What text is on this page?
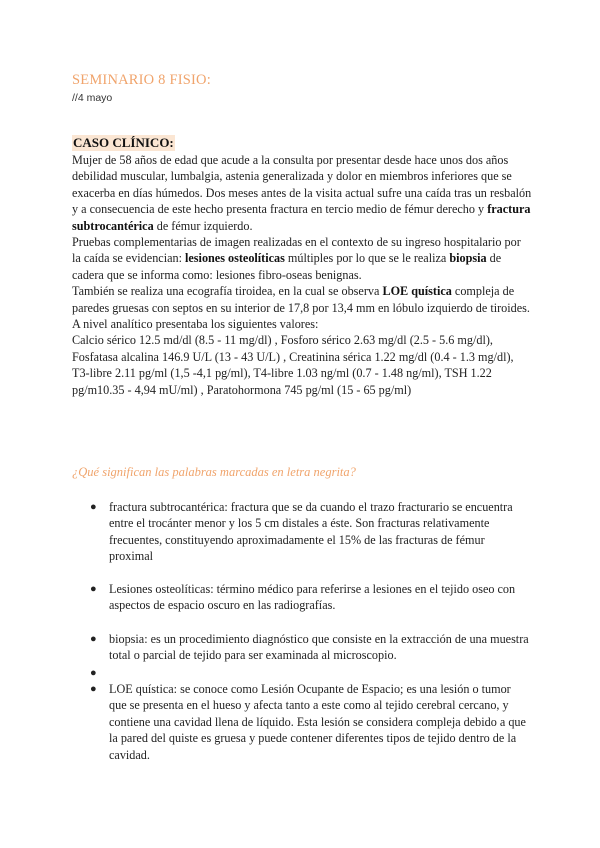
SEMINARIO 8 FISIO:
//4 mayo
CASO CLÍNICO:

Mujer de 58 años de edad que acude a la consulta por presentar desde hace unos dos años debilidad muscular, lumbalgia, astenia generalizada y dolor en miembros inferiores que se exacerba en días húmedos. Dos meses antes de la visita actual sufre una caída tras un resbalón y a consecuencia de este hecho presenta fractura en tercio medio de fémur derecho y fractura subtrocantérica de fémur izquierdo.

Pruebas complementarias de imagen realizadas en el contexto de su ingreso hospitalario por la caída se evidencian: lesiones osteolíticas múltiples por lo que se le realiza biopsia de cadera que se informa como: lesiones fibro-oseas benignas.

También se realiza una ecografía tiroidea, en la cual se observa LOE quística compleja de paredes gruesas con septos en su interior de 17,8 por 13,4 mm en lóbulo izquierdo de tiroides.

A nivel analítico presentaba los siguientes valores:

Calcio sérico 12.5 md/dl (8.5 - 11 mg/dl) , Fosforo sérico 2.63 mg/dl (2.5 - 5.6 mg/dl), Fosfatasa alcalina 146.9 U/L (13 - 43 U/L) , Creatinina sérica 1.22 mg/dl (0.4 - 1.3 mg/dl), T3-libre 2.11 pg/ml (1,5 -4,1 pg/ml), T4-libre 1.03 ng/ml (0.7 - 1.48 ng/ml), TSH 1.22 pg/m10.35 - 4,94 mU/ml) , Paratohormona 745 pg/ml (15 - 65 pg/ml)

¿Qué significan las palabras marcadas en letra negrita?
● fractura subtrocantérica: fractura que se da cuando el trazo fracturario se encuentra entre el trocánter menor y los 5 cm distales a éste. Son fracturas relativamente frecuentes, constituyendo aproximadamente el 15% de las fracturas de fémur proximal
● Lesiones osteolíticas: término médico para referirse a lesiones en el tejido oseo con aspectos de espacio oscuro en las radiografías.
● biopsia: es un procedimiento diagnóstico que consiste en la extracción de una muestra total o parcial de tejido para ser examinada al microscopio.
●
● LOE quística: se conoce como Lesión Ocupante de Espacio; es una lesión o tumor que se presenta en el hueso y afecta tanto a este como al tejido cerebral cercano, y contiene una cavidad llena de líquido. Esta lesión se considera compleja debido a que la pared del quiste es gruesa y puede contener diferentes tipos de tejido dentro de la cavidad.
